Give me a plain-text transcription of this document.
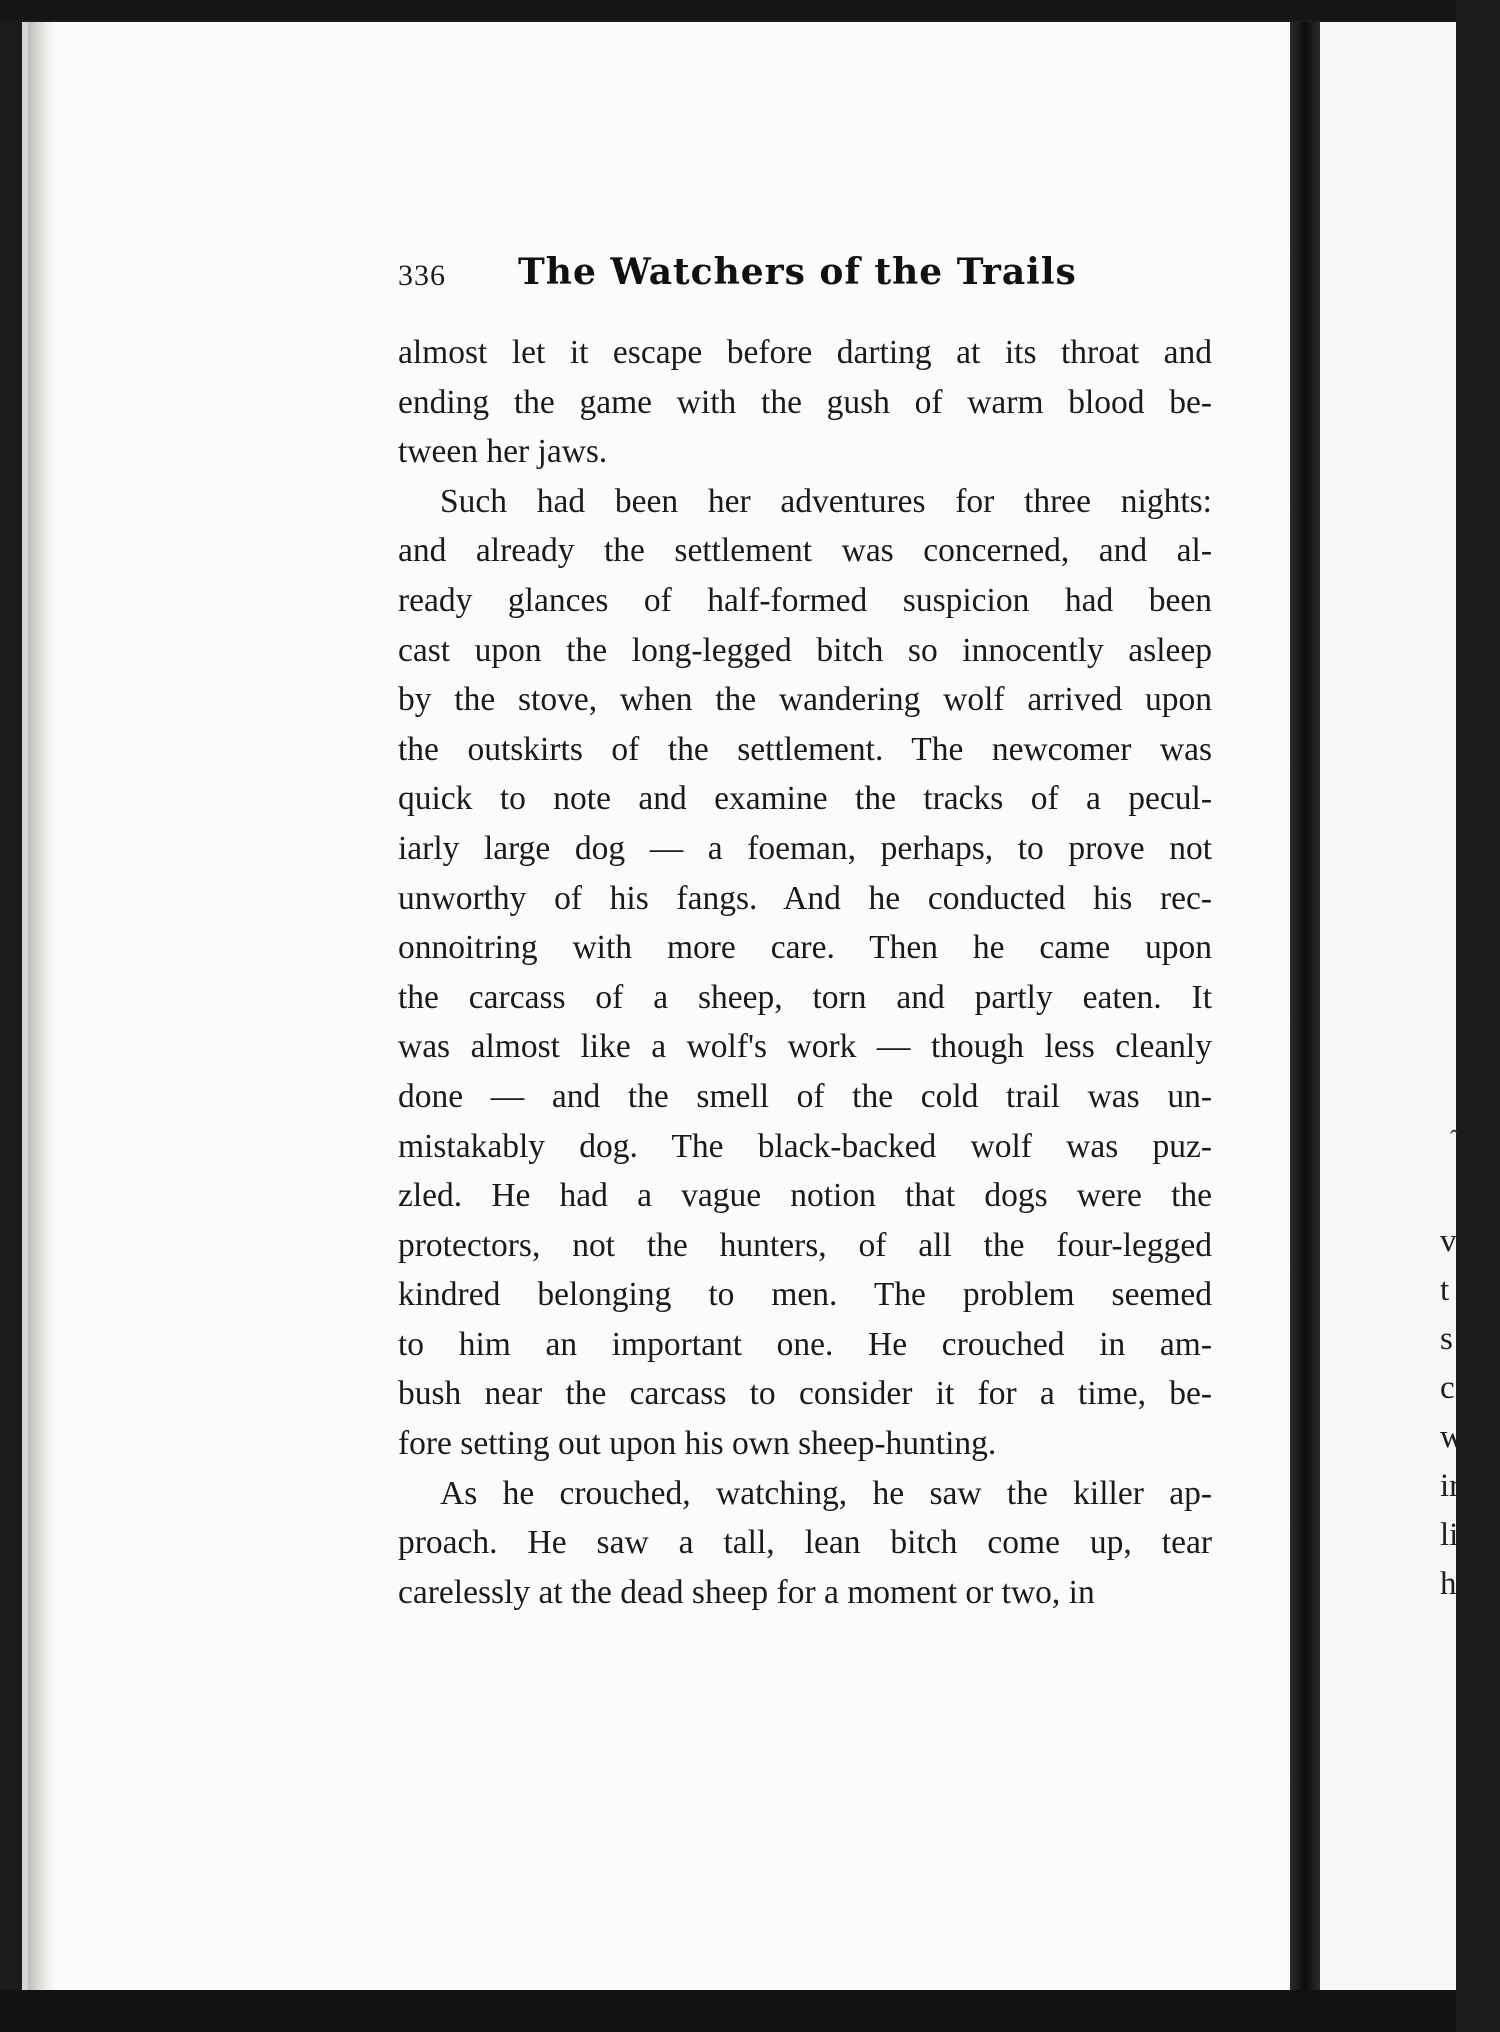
ˆ
v
t
s
c
w
ir
li
hi
336 The Watchers of the Trails
almost let it escape before darting at its throat and
ending the game with the gush of warm blood be-
tween her jaws.
Such had been her adventures for three nights:
and already the settlement was concerned, and al-
ready glances of half-formed suspicion had been
cast upon the long-legged bitch so innocently asleep
by the stove, when the wandering wolf arrived upon
the outskirts of the settlement. The newcomer was
quick to note and examine the tracks of a pecul-
iarly large dog — a foeman, perhaps, to prove not
unworthy of his fangs. And he conducted his rec-
onnoitring with more care. Then he came upon
the carcass of a sheep, torn and partly eaten. It
was almost like a wolf's work — though less cleanly
done — and the smell of the cold trail was un-
mistakably dog. The black-backed wolf was puz-
zled. He had a vague notion that dogs were the
protectors, not the hunters, of all the four-legged
kindred belonging to men. The problem seemed
to him an important one. He crouched in am-
bush near the carcass to consider it for a time, be-
fore setting out upon his own sheep-hunting.
As he crouched, watching, he saw the killer ap-
proach. He saw a tall, lean bitch come up, tear
carelessly at the dead sheep for a moment or two, in
